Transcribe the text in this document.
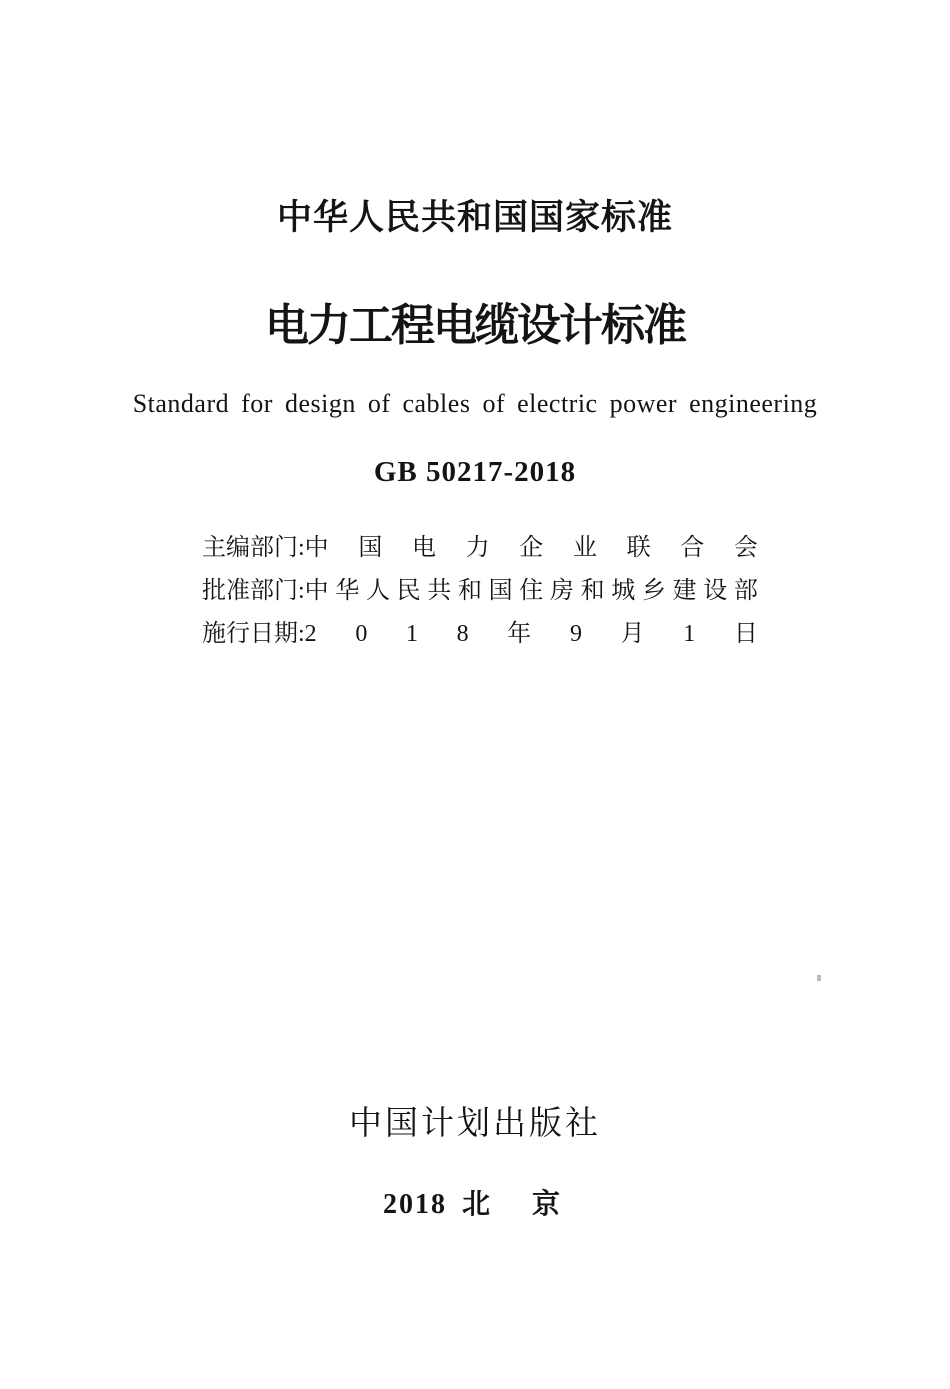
中华人民共和国国家标准
电力工程电缆设计标准
Standard for design of cables of electric power engineering
GB 50217-2018
主编部门: 中 国 电 力 企 业 联 合 会
批准部门: 中 华 人 民 共 和 国 住 房 和 城 乡 建 设 部
施行日期: 2 0 1 8 年 9 月 1 日
中国计划出版社
2018 北　京
